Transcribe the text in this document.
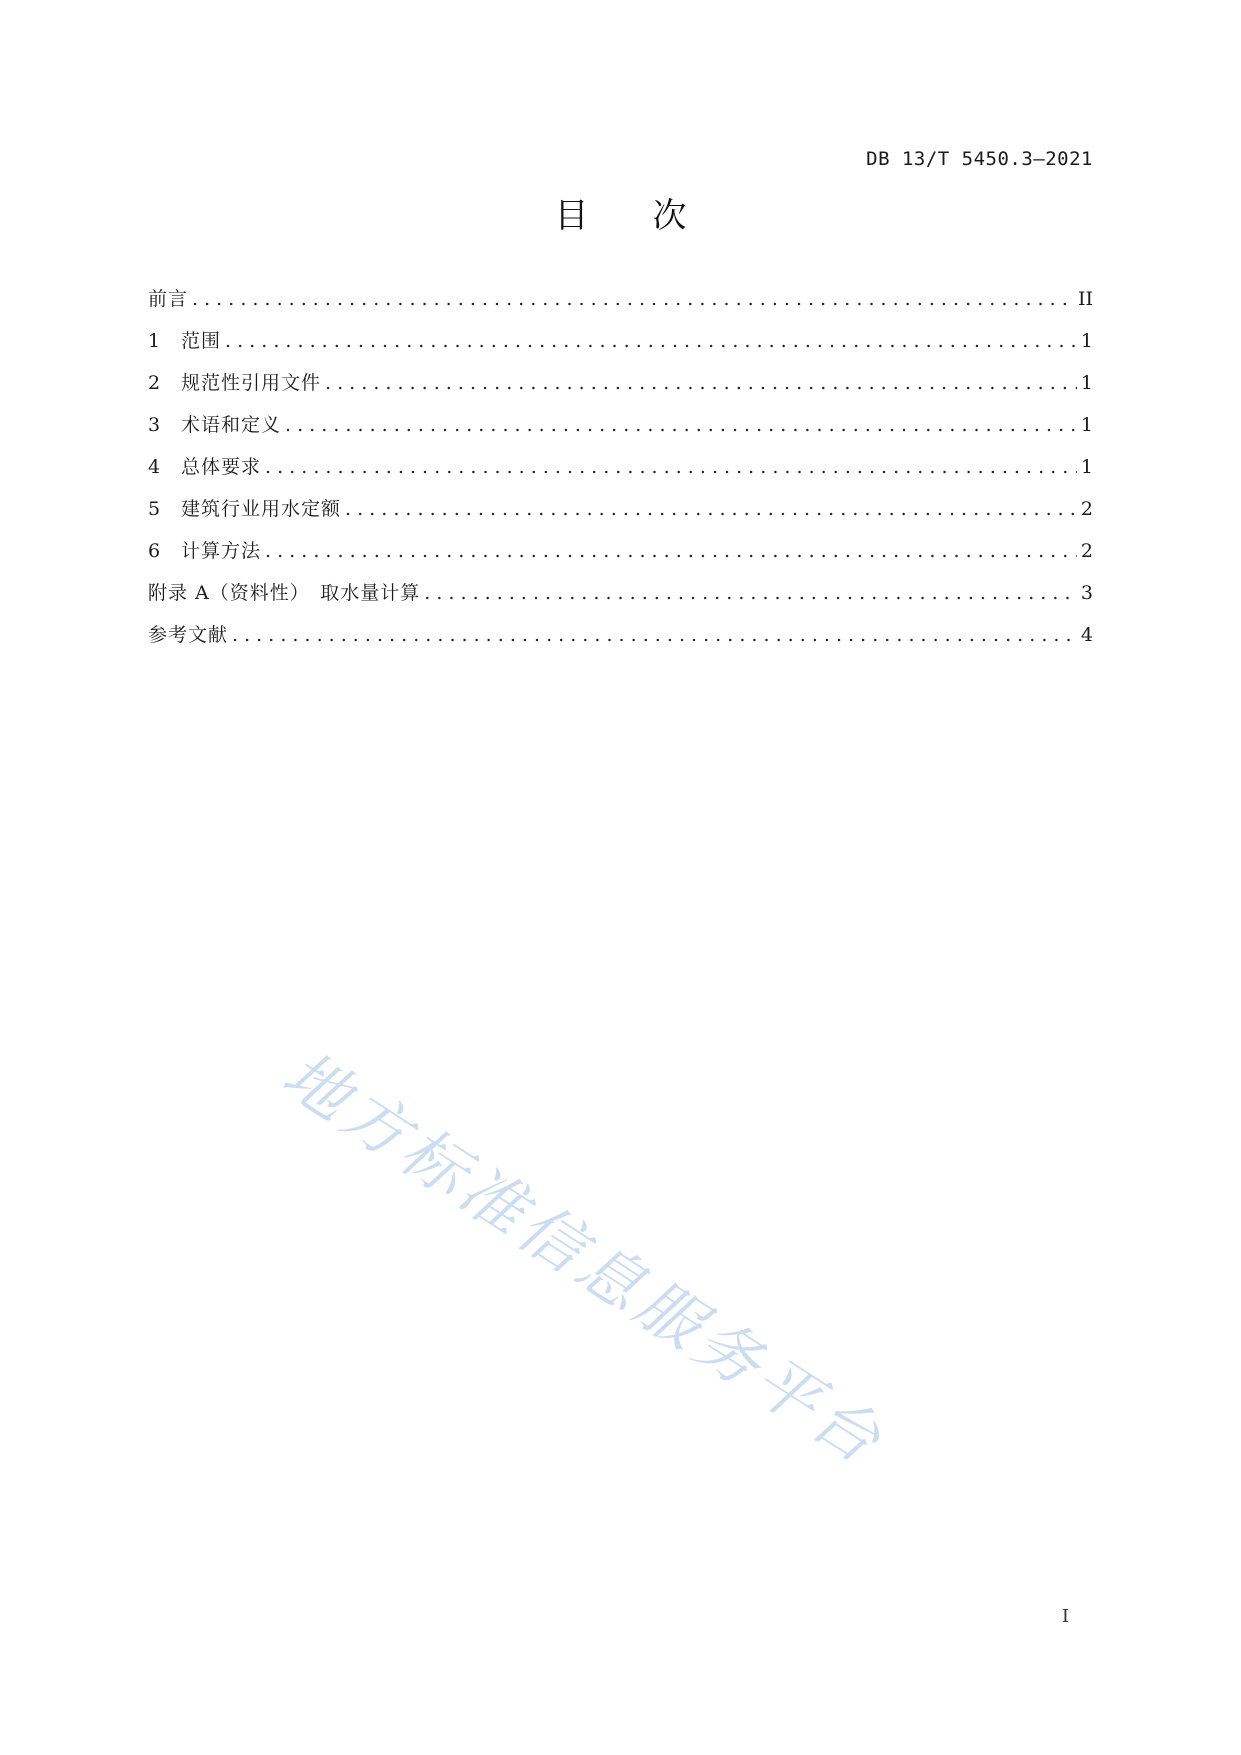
DB 13/T 5450.3—2021
目 次
前言 . . .	II
1	范围 . . .	1
2	规范性引用文件 . . .	1
3	术语和定义 . . .	1
4	总体要求 . . .	1
5	建筑行业用水定额 . . .	2
6	计算方法 . . .	2
附录 A（资料性）　取水量计算 . . .	3
参考文献 . . .	4
地方标准信息服务平台
I
